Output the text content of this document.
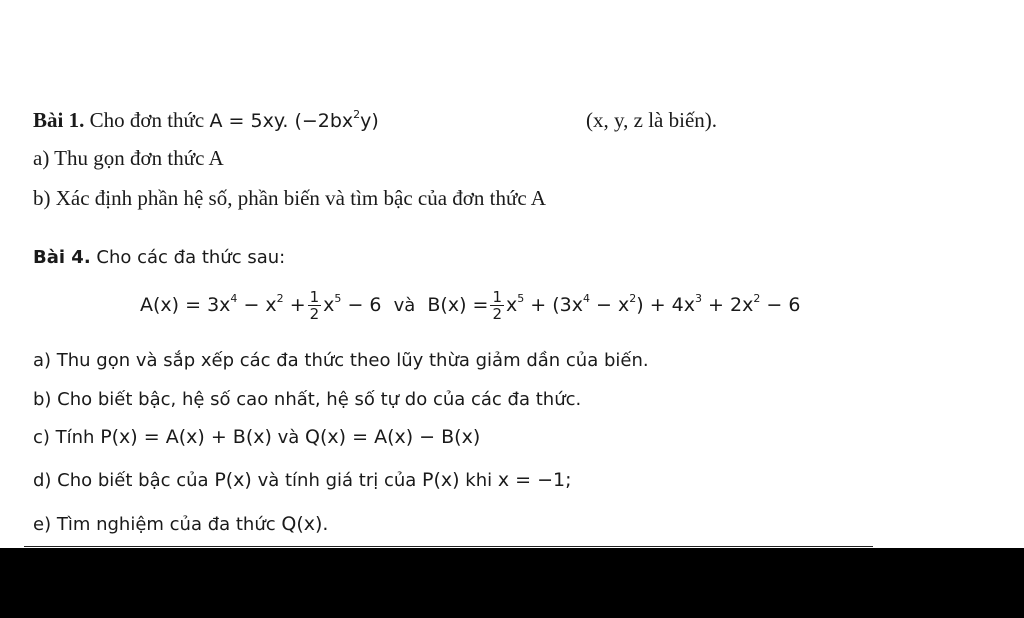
Bài 1. Cho đơn thức A = 5xy. $(-2bx^2y)$	(x, y, z là biến).
a) Thu gọn đơn thức A
b) Xác định phần hệ số, phần biến và tìm bậc của đơn thức A
Bài 4. Cho các đa thức sau:
$A(x) = 3x^4 - x^2 + \frac{1}{2} x^5 - 6$ và $B(x) = \frac{1}{2} x^5 + (3x^4 - x^2) + 4x^3 + 2x^2 - 6$
a) Thu gọn và sắp xếp các đa thức theo lũy thừa giảm dần của biến.
b) Cho biết bậc, hệ số cao nhất, hệ số tự do của các đa thức.
c) Tính P(x) = A(x) + B(x) và Q(x) = A(x) − B(x)
d) Cho biết bậc của P(x) và tính giá trị của P(x) khi x = −1;
e) Tìm nghiệm của đa thức Q(x).
